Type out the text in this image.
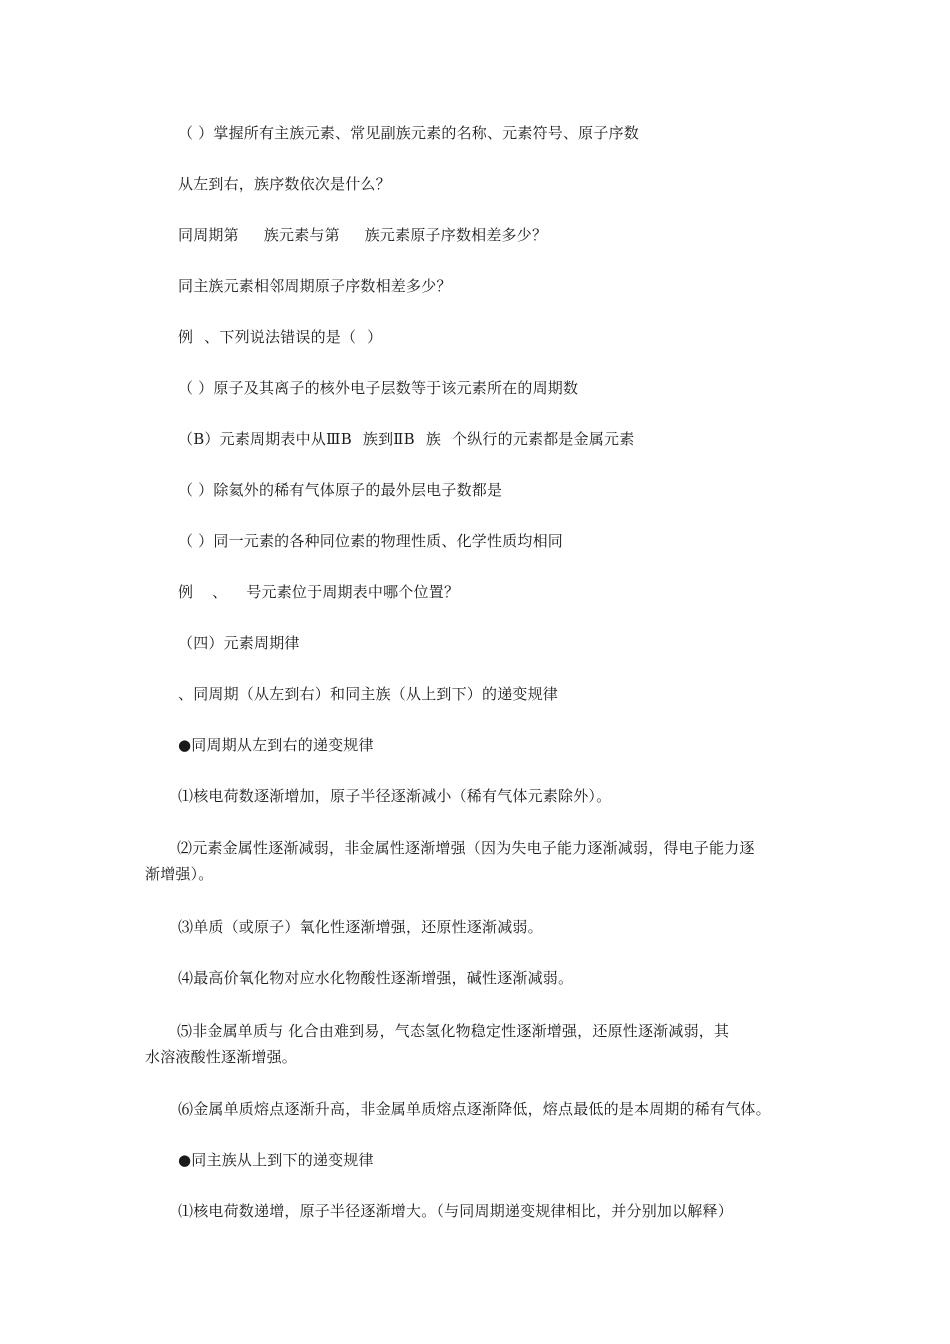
（ ）掌握所有主族元素、常见副族元素的名称、元素符号、原子序数
从左到右，族序数依次是什么？
同周期第 族元素与第 族元素原子序数相差多少？
同主族元素相邻周期原子序数相差多少？
例 、下列说法错误的是（ ）
（ ）原子及其离子的核外电子层数等于该元素所在的周期数
（B）元素周期表中从ⅢB 族到ⅡB 族 个纵行的元素都是金属元素
（ ）除氦外的稀有气体原子的最外层电子数都是
（ ）同一元素的各种同位素的物理性质、化学性质均相同
例 、 号元素位于周期表中哪个位置？
（四）元素周期律
、同周期（从左到右）和同主族（从上到下）的递变规律
●同周期从左到右的递变规律
⑴核电荷数逐渐增加，原子半径逐渐减小（稀有气体元素除外）。
⑵元素金属性逐渐减弱，非金属性逐渐增强（因为失电子能力逐渐减弱，得电子能力逐
渐增强）。
⑶单质（或原子）氧化性逐渐增强，还原性逐渐减弱。
⑷最高价氧化物对应水化物酸性逐渐增强，碱性逐渐减弱。
⑸非金属单质与 化合由难到易，气态氢化物稳定性逐渐增强，还原性逐渐减弱，其
水溶液酸性逐渐增强。
⑹金属单质熔点逐渐升高，非金属单质熔点逐渐降低，熔点最低的是本周期的稀有气体。
●同主族从上到下的递变规律
⑴核电荷数递增，原子半径逐渐增大。（与同周期递变规律相比，并分别加以解释）
